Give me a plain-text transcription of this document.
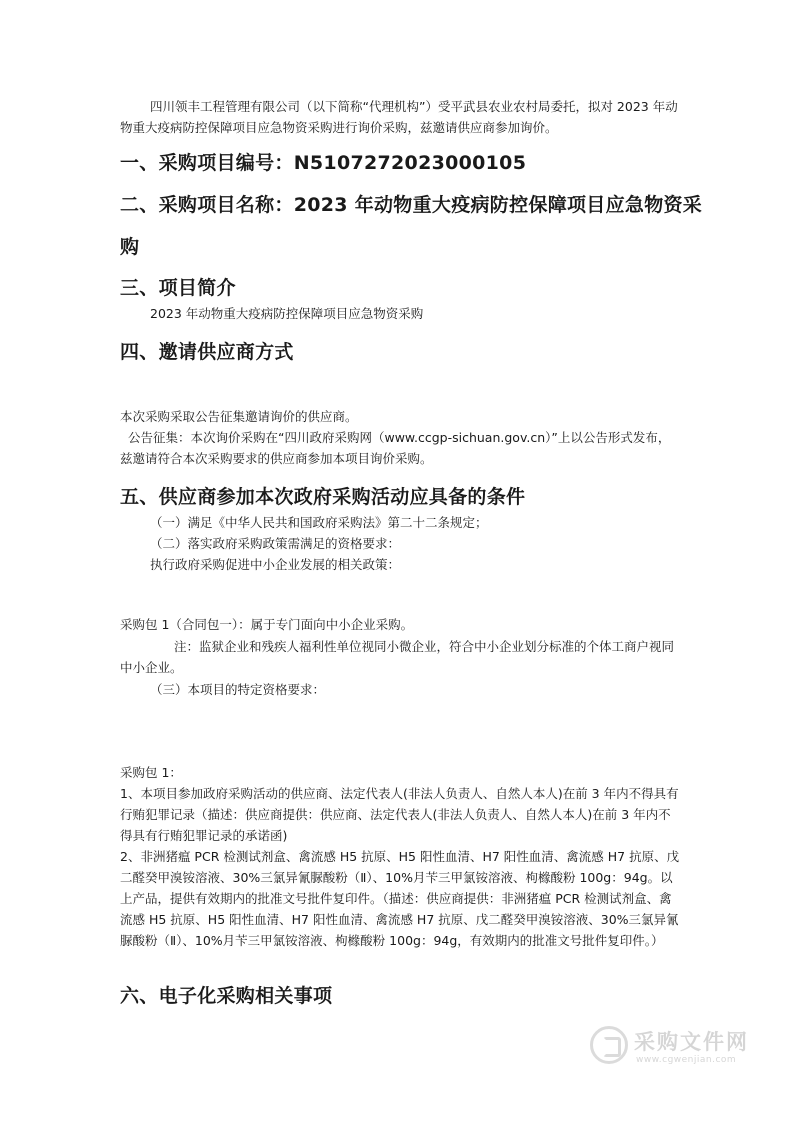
四川领丰工程管理有限公司（以下简称“代理机构”）受平武县农业农村局委托，拟对 2023 年动物重大疫病防控保障项目应急物资采购进行询价采购，兹邀请供应商参加询价。

一、采购项目编号：N5107272023000105
二、采购项目名称：2023 年动物重大疫病防控保障项目应急物资采
购
三、项目简介

2023 年动物重大疫病防控保障项目应急物资采购

四、邀请供应商方式

本次采购采取公告征集邀请询价的供应商。

公告征集：本次询价采购在“四川政府采购网（www.ccgp-sichuan.gov.cn）”上以公告形式发布，兹邀请符合本次采购要求的供应商参加本项目询价采购。

五、供应商参加本次政府采购活动应具备的条件

（一）满足《中华人民共和国政府采购法》第二十二条规定；

（二）落实政府采购政策需满足的资格要求：

执行政府采购促进中小企业发展的相关政策：

采购包 1（合同包一）：属于专门面向中小企业采购。

注：监狱企业和残疾人福利性单位视同小微企业，符合中小企业划分标准的个体工商户视同中小企业。

（三）本项目的特定资格要求：

采购包 1：

1、本项目参加政府采购活动的供应商、法定代表人(非法人负责人、自然人本人)在前 3 年内不得具有行贿犯罪记录（描述：供应商提供：供应商、法定代表人(非法人负责人、自然人本人)在前 3 年内不得具有行贿犯罪记录的承诺函)

2、非洲猪瘟 PCR 检测试剂盒、禽流感 H5 抗原、H5 阳性血清、H7 阳性血清、禽流感 H7 抗原、戊二醛癸甲溴铵溶液、30%三氯异氰脲酸粉（Ⅱ）、10%月苄三甲氯铵溶液、枸橼酸粉 100g：94g。以上产品，提供有效期内的批准文号批件复印件。（描述：供应商提供：非洲猪瘟 PCR 检测试剂盒、禽流感 H5 抗原、H5 阳性血清、H7 阳性血清、禽流感 H7 抗原、戊二醛癸甲溴铵溶液、30%三氯异氰脲酸粉（Ⅱ）、10%月苄三甲氯铵溶液、枸橼酸粉 100g：94g，有效期内的批准文号批件复印件。）

六、电子化采购相关事项
采购文件网
www.cgwenjian.com
